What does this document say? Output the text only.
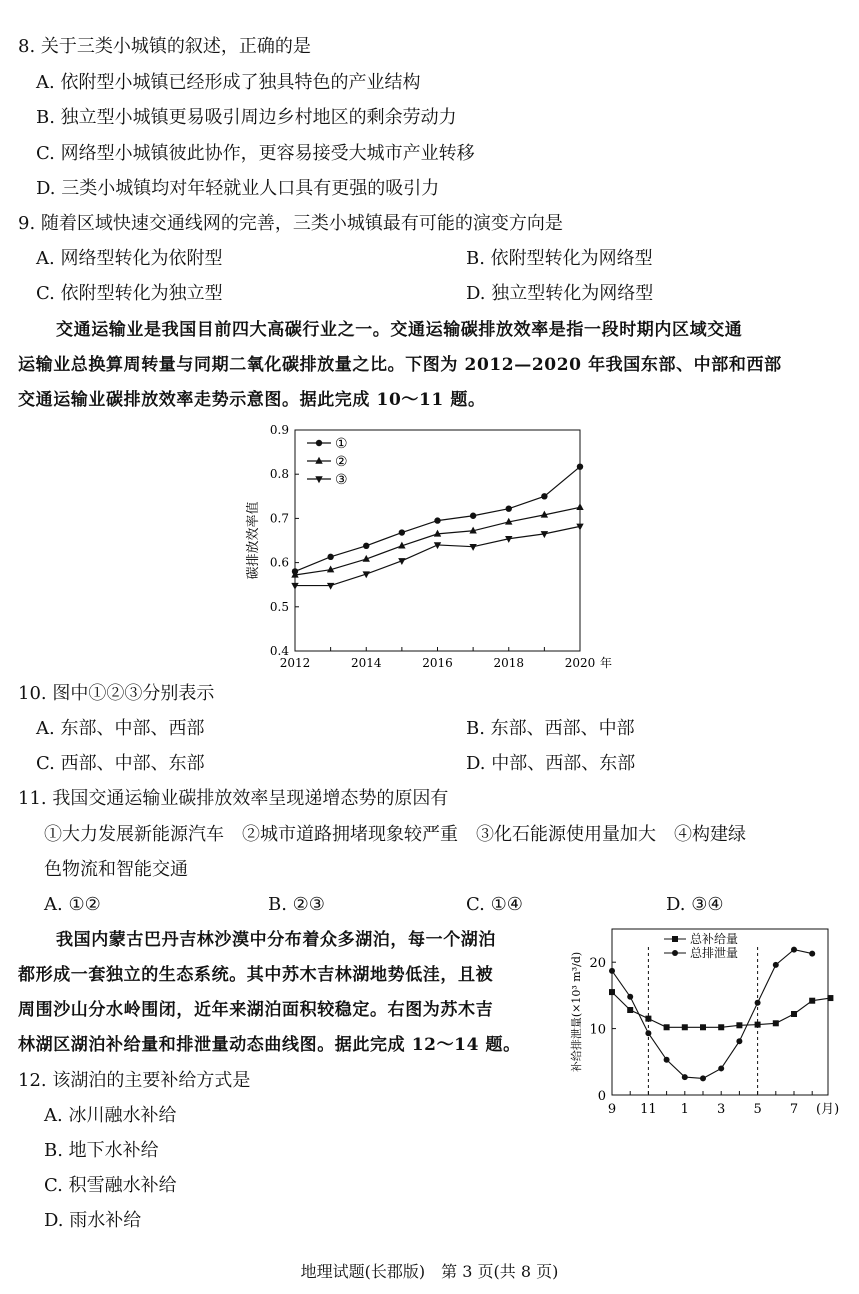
8. 关于三类小城镇的叙述，正确的是
A. 依附型小城镇已经形成了独具特色的产业结构
B. 独立型小城镇更易吸引周边乡村地区的剩余劳动力
C. 网络型小城镇彼此协作，更容易接受大城市产业转移
D. 三类小城镇均对年轻就业人口具有更强的吸引力
9. 随着区域快速交通线网的完善，三类小城镇最有可能的演变方向是
A. 网络型转化为依附型	B. 依附型转化为网络型
C. 依附型转化为独立型	D. 独立型转化为网络型
交通运输业是我国目前四大高碳行业之一。交通运输碳排放效率是指一段时期内区域交通
运输业总换算周转量与同期二氧化碳排放量之比。下图为 2012—2020 年我国东部、中部和西部
交通运输业碳排放效率走势示意图。据此完成 10～11 题。
0.4
0.5
0.6
0.7
0.8
0.9
2012	2014	2016	2018	2020 年
碳排放效率值
①
②
③
10. 图中①②③分别表示
A. 东部、中部、西部	B. 东部、西部、中部
C. 西部、中部、东部	D. 中部、西部、东部
11. 我国交通运输业碳排放效率呈现递增态势的原因有
①大力发展新能源汽车　②城市道路拥堵现象较严重　③化石能源使用量加大　④构建绿
色物流和智能交通
A. ①②	B. ②③	C. ①④	D. ③④
我国内蒙古巴丹吉林沙漠中分布着众多湖泊，每一个湖泊
都形成一套独立的生态系统。其中苏木吉林湖地势低洼，且被
周围沙山分水岭围闭，近年来湖泊面积较稳定。右图为苏木吉
林湖区湖泊补给量和排泄量动态曲线图。据此完成 12～14 题。
0
10
20
9 11 1 3 5 7 (月)
补给排泄量(×10³ m³/d)
总补给量
总排泄量
12. 该湖泊的主要补给方式是
A. 冰川融水补给
B. 地下水补给
C. 积雪融水补给
D. 雨水补给
地理试题(长郡版)　第 3 页(共 8 页)
